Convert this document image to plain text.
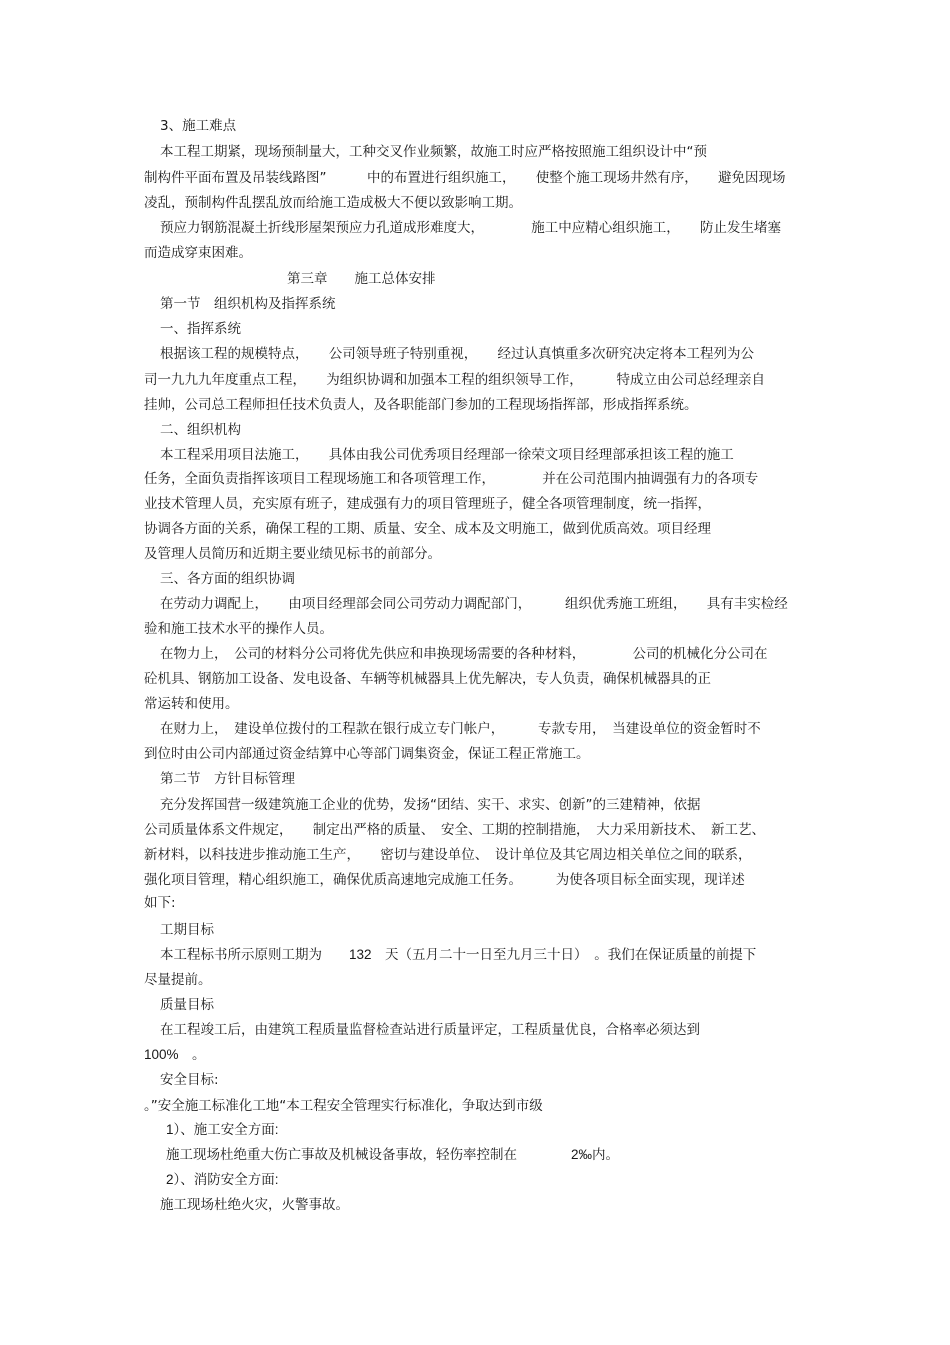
3、施工难点
本工程工期紧，现场预制量大，工种交叉作业频繁，故施工时应严格按照施工组织设计中“预
制构件平面布置及吊装线路图”　　　中的布置进行组织施工，　　使整个施工现场井然有序，　　避免因现场
凌乱，预制构件乱摆乱放而给施工造成极大不便以致影响工期。
预应力钢筋混凝土折线形屋架预应力孔道成形难度大，　　　　施工中应精心组织施工，　　防止发生堵塞
而造成穿束困难。
第三章　　施工总体安排
第一节　组织机构及指挥系统
一、指挥系统
根据该工程的规模特点，　　公司领导班子特别重视，　　经过认真慎重多次研究决定将本工程列为公
司一九九九年度重点工程，　　为组织协调和加强本工程的组织领导工作，　　　特成立由公司总经理亲自
挂帅，公司总工程师担任技术负责人，及各职能部门参加的工程现场指挥部，形成指挥系统。
二、组织机构
本工程采用项目法施工，　　具体由我公司优秀项目经理部一徐荣文项目经理部承担该工程的施工
任务，全面负责指挥该项目工程现场施工和各项管理工作，　　　　并在公司范围内抽调强有力的各项专
业技术管理人员，充实原有班子，建成强有力的项目管理班子，健全各项管理制度，统一指挥，
协调各方面的关系，确保工程的工期、质量、安全、成本及文明施工，做到优质高效。项目经理
及管理人员简历和近期主要业绩见标书的前部分。
三、各方面的组织协调
在劳动力调配上，　　由项目经理部会同公司劳动力调配部门，　　　组织优秀施工班组，　　具有丰实检经
验和施工技术水平的操作人员。
在物力上，　公司的材料分公司将优先供应和串换现场需要的各种材料，　　　　公司的机械化分公司在
砼机具、钢筋加工设备、发电设备、车辆等机械器具上优先解决，专人负责，确保机械器具的正
常运转和使用。
在财力上，　建设单位拨付的工程款在银行成立专门帐户，　　　专款专用，　当建设单位的资金暂时不
到位时由公司内部通过资金结算中心等部门调集资金，保证工程正常施工。
第二节　方针目标管理
充分发挥国营一级建筑施工企业的优势，发扬“团结、实干、求实、创新”的三建精神，依据
公司质量体系文件规定，　　制定出严格的质量、　安全、工期的控制措施，　大力采用新技术、　新工艺、
新材料，以科技进步推动施工生产，　　密切与建设单位、　设计单位及其它周边相关单位之间的联系，
强化项目管理，精心组织施工，确保优质高速地完成施工任务。　　　为使各项目标全面实现，现详述
如下:
工期目标
本工程标书所示原则工期为　　132　天（五月二十一日至九月三十日）　。我们在保证质量的前提下
尽量提前。
质量目标
在工程竣工后，由建筑工程质量监督检查站进行质量评定，工程质量优良，合格率必须达到
100%　。
安全目标:
。”安全施工标准化工地“本工程安全管理实行标准化，争取达到市级
1）、施工安全方面:
施工现场杜绝重大伤亡事故及机械设备事故，轻伤率控制在　　　　2‰内。
2）、消防安全方面:
施工现场杜绝火灾，火警事故。
